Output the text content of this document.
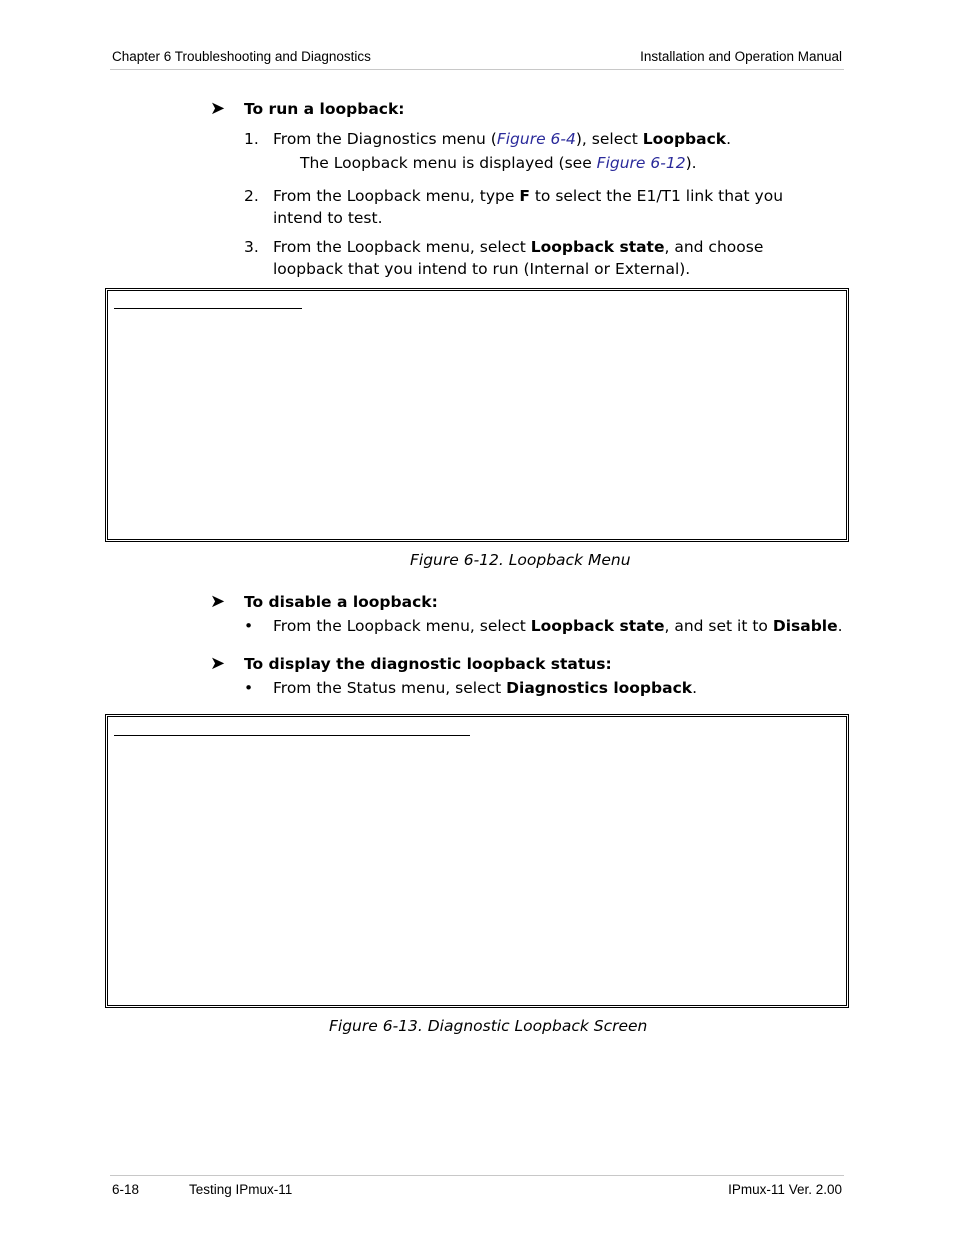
Chapter 6 Troubleshooting and Diagnostics	Installation and Operation Manual
➤ To run a loopback:
1. From the Diagnostics menu (Figure 6-4), select Loopback.
The Loopback menu is displayed (see Figure 6-12).
2. From the Loopback menu, type F to select the E1/T1 link that you intend to test.
3. From the Loopback menu, select Loopback state, and choose loopback that you intend to run (Internal or External).
Figure 6-12. Loopback Menu
➤ To disable a loopback:
• From the Loopback menu, select Loopback state, and set it to Disable.
➤ To display the diagnostic loopback status:
• From the Status menu, select Diagnostics loopback.
Figure 6-13. Diagnostic Loopback Screen
6-18	Testing IPmux-11	IPmux-11 Ver. 2.00
